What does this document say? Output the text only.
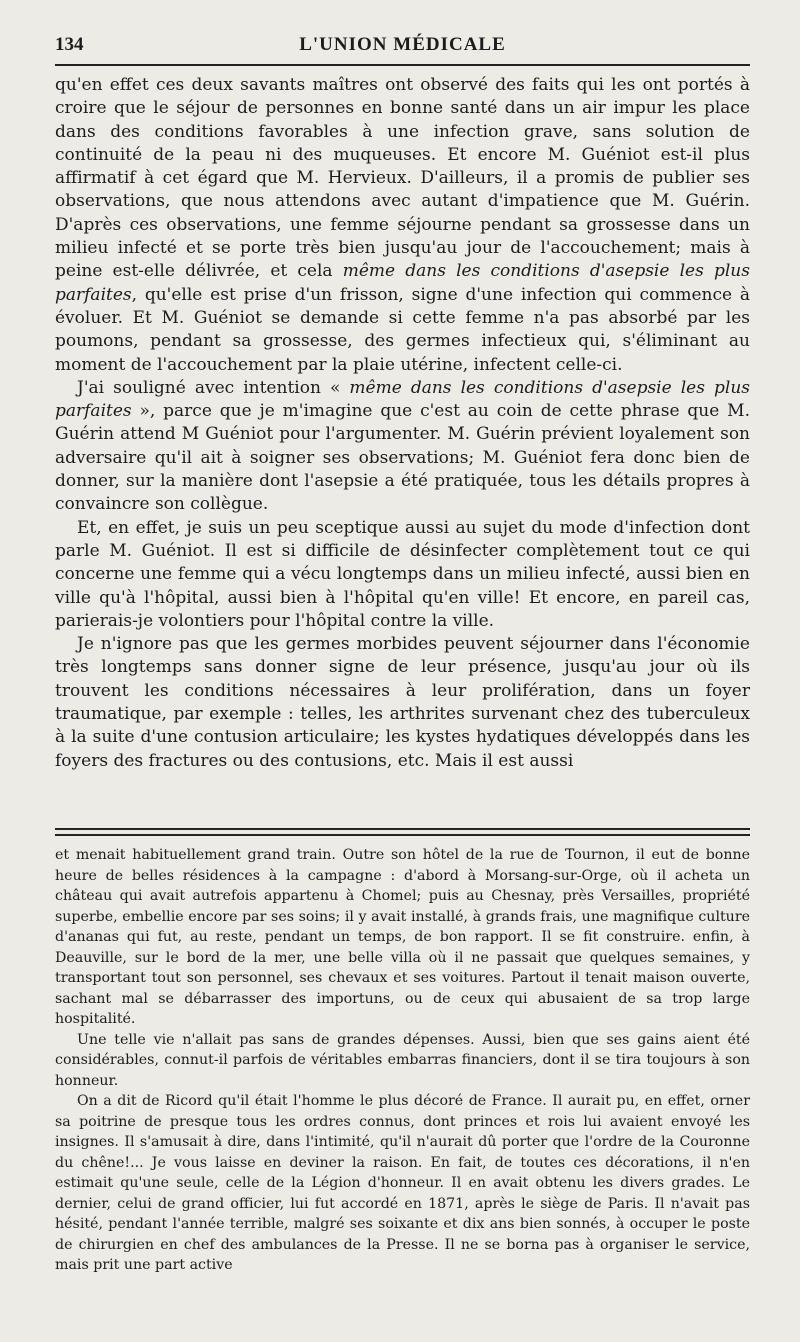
134	L'UNION MÉDICALE

qu'en effet ces deux savants maîtres ont observé des faits qui les ont portés à croire que le séjour de personnes en bonne santé dans un air impur les place dans des conditions favorables à une infection grave, sans solution de continuité de la peau ni des muqueuses. Et encore M. Guéniot est-il plus affirmatif à cet égard que M. Hervieux. D'ailleurs, il a promis de publier ses observations, que nous attendons avec autant d'impatience que M. Guérin. D'après ces observations, une femme séjourne pendant sa grossesse dans un milieu infecté et se porte très bien jusqu'au jour de l'accouchement; mais à peine est-elle délivrée, et cela même dans les conditions d'asepsie les plus parfaites, qu'elle est prise d'un frisson, signe d'une infection qui commence à évoluer. Et M. Guéniot se demande si cette femme n'a pas absorbé par les poumons, pendant sa grossesse, des germes infectieux qui, s'éliminant au moment de l'accouchement par la plaie utérine, infectent celle-ci.

J'ai souligné avec intention « même dans les conditions d'asepsie les plus parfaites », parce que je m'imagine que c'est au coin de cette phrase que M. Guérin attend M Guéniot pour l'argumenter. M. Guérin prévient loyalement son adversaire qu'il ait à soigner ses observations; M. Guéniot fera donc bien de donner, sur la manière dont l'asepsie a été pratiquée, tous les détails propres à convaincre son collègue.

Et, en effet, je suis un peu sceptique aussi au sujet du mode d'infection dont parle M. Guéniot. Il est si difficile de désinfecter complètement tout ce qui concerne une femme qui a vécu longtemps dans un milieu infecté, aussi bien en ville qu'à l'hôpital, aussi bien à l'hôpital qu'en ville! Et encore, en pareil cas, parierais-je volontiers pour l'hôpital contre la ville.

Je n'ignore pas que les germes morbides peuvent séjourner dans l'économie très longtemps sans donner signe de leur présence, jusqu'au jour où ils trouvent les conditions nécessaires à leur prolifération, dans un foyer traumatique, par exemple : telles, les arthrites survenant chez des tuberculeux à la suite d'une contusion articulaire; les kystes hydatiques développés dans les foyers des fractures ou des contusions, etc. Mais il est aussi

et menait habituellement grand train. Outre son hôtel de la rue de Tournon, il eut de bonne heure de belles résidences à la campagne : d'abord à Morsang-sur-Orge, où il acheta un château qui avait autrefois appartenu à Chomel; puis au Chesnay, près Versailles, propriété superbe, embellie encore par ses soins; il y avait installé, à grands frais, une magnifique culture d'ananas qui fut, au reste, pendant un temps, de bon rapport. Il se fit construire. enfin, à Deauville, sur le bord de la mer, une belle villa où il ne passait que quelques semaines, y transportant tout son personnel, ses chevaux et ses voitures. Partout il tenait maison ouverte, sachant mal se débarrasser des importuns, ou de ceux qui abusaient de sa trop large hospitalité.

Une telle vie n'allait pas sans de grandes dépenses. Aussi, bien que ses gains aient été considérables, connut-il parfois de véritables embarras financiers, dont il se tira toujours à son honneur.

On a dit de Ricord qu'il était l'homme le plus décoré de France. Il aurait pu, en effet, orner sa poitrine de presque tous les ordres connus, dont princes et rois lui avaient envoyé les insignes. Il s'amusait à dire, dans l'intimité, qu'il n'aurait dû porter que l'ordre de la Couronne du chêne!... Je vous laisse en deviner la raison. En fait, de toutes ces décorations, il n'en estimait qu'une seule, celle de la Légion d'honneur. Il en avait obtenu les divers grades. Le dernier, celui de grand officier, lui fut accordé en 1871, après le siège de Paris. Il n'avait pas hésité, pendant l'année terrible, malgré ses soixante et dix ans bien sonnés, à occuper le poste de chirurgien en chef des ambulances de la Presse. Il ne se borna pas à organiser le service, mais prit une part active
